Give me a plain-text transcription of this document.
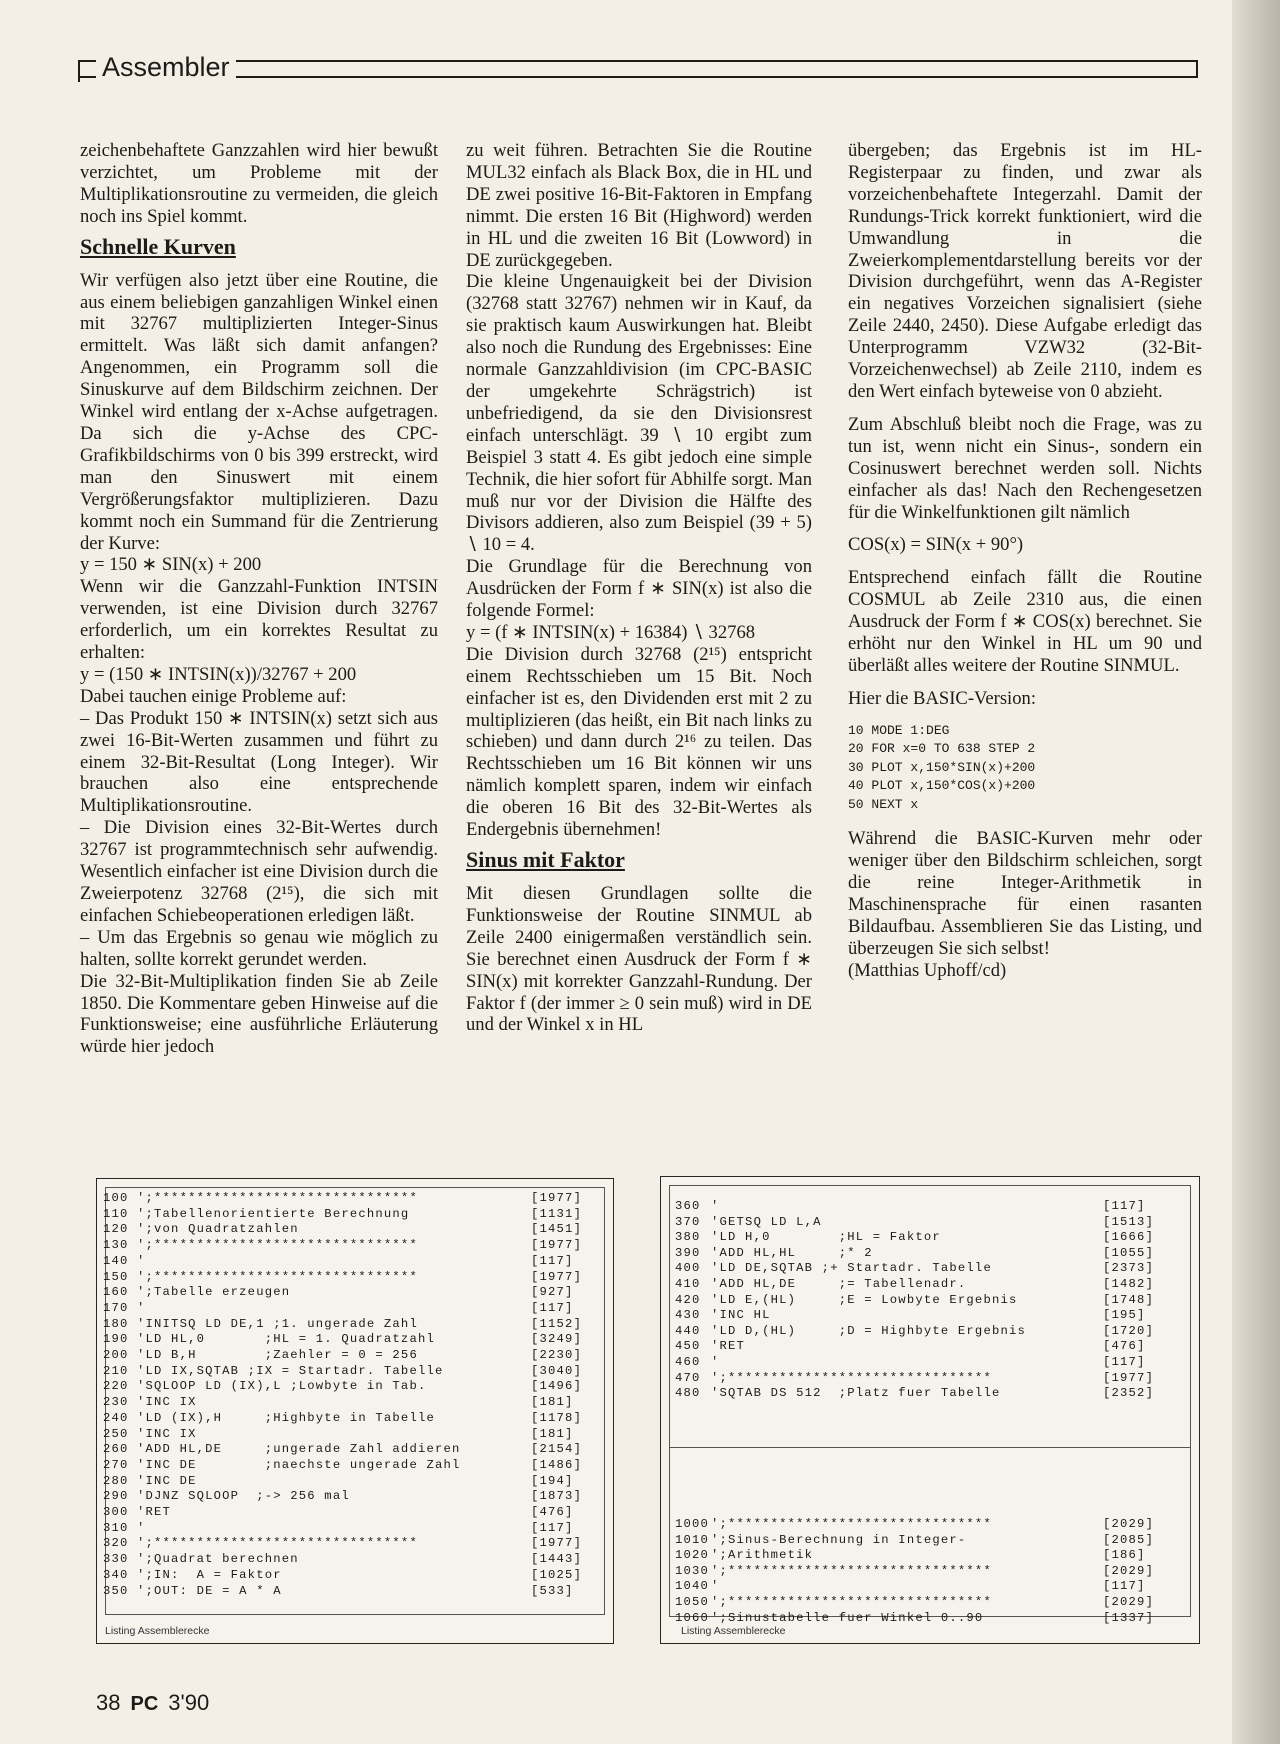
Assembler

zeichenbehaftete Ganzzahlen wird hier bewußt verzichtet, um Probleme mit der Multiplikationsroutine zu vermeiden, die gleich noch ins Spiel kommt.

Schnelle Kurven

Wir verfügen also jetzt über eine Routine, die aus einem beliebigen ganzahligen Winkel einen mit 32767 multiplizierten Integer-Sinus ermittelt. Was läßt sich damit anfangen? Angenommen, ein Programm soll die Sinuskurve auf dem Bildschirm zeichnen. Der Winkel wird entlang der x-Achse aufgetragen. Da sich die y-Achse des CPC-Grafikbildschirms von 0 bis 399 erstreckt, wird man den Sinuswert mit einem Vergrößerungsfaktor multiplizieren. Dazu kommt noch ein Summand für die Zentrierung der Kurve:

y = 150 ∗ SIN(x) + 200

Wenn wir die Ganzzahl-Funktion INTSIN verwenden, ist eine Division durch 32767 erforderlich, um ein korrektes Resultat zu erhalten:

y = (150 ∗ INTSIN(x))/32767 + 200

Dabei tauchen einige Probleme auf:

– Das Produkt 150 ∗ INTSIN(x) setzt sich aus zwei 16-Bit-Werten zusammen und führt zu einem 32-Bit-Resultat (Long Integer). Wir brauchen also eine entsprechende Multiplikationsroutine.

– Die Division eines 32-Bit-Wertes durch 32767 ist programmtechnisch sehr aufwendig. Wesentlich einfacher ist eine Division durch die Zweierpotenz 32768 (2¹⁵), die sich mit einfachen Schiebeoperationen erledigen läßt.

– Um das Ergebnis so genau wie möglich zu halten, sollte korrekt gerundet werden.

Die 32-Bit-Multiplikation finden Sie ab Zeile 1850. Die Kommentare geben Hinweise auf die Funktionsweise; eine ausführliche Erläuterung würde hier jedoch

zu weit führen. Betrachten Sie die Routine MUL32 einfach als Black Box, die in HL und DE zwei positive 16-Bit-Faktoren in Empfang nimmt. Die ersten 16 Bit (Highword) werden in HL und die zweiten 16 Bit (Lowword) in DE zurückgegeben.

Die kleine Ungenauigkeit bei der Division (32768 statt 32767) nehmen wir in Kauf, da sie praktisch kaum Auswirkungen hat. Bleibt also noch die Rundung des Ergebnisses: Eine normale Ganzzahldivision (im CPC-BASIC der umgekehrte Schrägstrich) ist unbefriedigend, da sie den Divisionsrest einfach unterschlägt. 39 ∖ 10 ergibt zum Beispiel 3 statt 4. Es gibt jedoch eine simple Technik, die hier sofort für Abhilfe sorgt. Man muß nur vor der Division die Hälfte des Divisors addieren, also zum Beispiel (39 + 5) ∖ 10 = 4.

Die Grundlage für die Berechnung von Ausdrücken der Form f ∗ SIN(x) ist also die folgende Formel:

y = (f ∗ INTSIN(x) + 16384) ∖ 32768

Die Division durch 32768 (2¹⁵) entspricht einem Rechtsschieben um 15 Bit. Noch einfacher ist es, den Dividenden erst mit 2 zu multiplizieren (das heißt, ein Bit nach links zu schieben) und dann durch 2¹⁶ zu teilen. Das Rechtsschieben um 16 Bit können wir uns nämlich komplett sparen, indem wir einfach die oberen 16 Bit des 32-Bit-Wertes als Endergebnis übernehmen!

Sinus mit Faktor

Mit diesen Grundlagen sollte die Funktionsweise der Routine SINMUL ab Zeile 2400 einigermaßen verständlich sein. Sie berechnet einen Ausdruck der Form f ∗ SIN(x) mit korrekter Ganzzahl-Rundung. Der Faktor f (der immer ≥ 0 sein muß) wird in DE und der Winkel x in HL

übergeben; das Ergebnis ist im HL-Registerpaar zu finden, und zwar als vorzeichenbehaftete Integerzahl. Damit der Rundungs-Trick korrekt funktioniert, wird die Umwandlung in die Zweierkomplementdarstellung bereits vor der Division durchgeführt, wenn das A-Register ein negatives Vorzeichen signalisiert (siehe Zeile 2440, 2450). Diese Aufgabe erledigt das Unterprogramm VZW32 (32-Bit-Vorzeichenwechsel) ab Zeile 2110, indem es den Wert einfach byteweise von 0 abzieht.

Zum Abschluß bleibt noch die Frage, was zu tun ist, wenn nicht ein Sinus-, sondern ein Cosinuswert berechnet werden soll. Nichts einfacher als das! Nach den Rechengesetzen für die Winkelfunktionen gilt nämlich

COS(x) = SIN(x + 90°)

Entsprechend einfach fällt die Routine COSMUL ab Zeile 2310 aus, die einen Ausdruck der Form f ∗ COS(x) berechnet. Sie erhöht nur den Winkel in HL um 90 und überläßt alles weitere der Routine SINMUL.

Hier die BASIC-Version:

10 MODE 1:DEG
20 FOR x=0 TO 638 STEP 2
30 PLOT x,150*SIN(x)+200
40 PLOT x,150*COS(x)+200
50 NEXT x

Während die BASIC-Kurven mehr oder weniger über den Bildschirm schleichen, sorgt die reine Integer-Arithmetik in Maschinensprache für einen rasanten Bildaufbau. Assemblieren Sie das Listing, und überzeugen Sie sich selbst!

(Matthias Uphoff/cd)

100 ';*******************************	[1977]
110 ';Tabellenorientierte Berechnung	[1131]
120 ';von Quadratzahlen	[1451]
130 ';*******************************	[1977]
140 '	[117]
150 ';*******************************	[1977]
160 ';Tabelle erzeugen	[927]
170 '	[117]
180 'INITSQ LD DE,1 ;1. ungerade Zahl	[1152]
190 'LD HL,0       ;HL = 1. Quadratzahl	[3249]
200 'LD B,H        ;Zaehler = 0 = 256	[2230]
210 'LD IX,SQTAB ;IX = Startadr. Tabelle	[3040]
220 'SQLOOP LD (IX),L ;Lowbyte in Tab.	[1496]
230 'INC IX	[181]
240 'LD (IX),H     ;Highbyte in Tabelle	[1178]
250 'INC IX	[181]
260 'ADD HL,DE     ;ungerade Zahl addieren	[2154]
270 'INC DE        ;naechste ungerade Zahl	[1486]
280 'INC DE	[194]
290 'DJNZ SQLOOP  ;-> 256 mal	[1873]
300 'RET	[476]
310 '	[117]
320 ';*******************************	[1977]
330 ';Quadrat berechnen	[1443]
340 ';IN:  A = Faktor	[1025]
350 ';OUT: DE = A * A	[533]
Listing Assemblerecke
360 '	[117]
370 'GETSQ LD L,A	[1513]
380 'LD H,0        ;HL = Faktor	[1666]
390 'ADD HL,HL     ;* 2	[1055]
400 'LD DE,SQTAB ;+ Startadr. Tabelle	[2373]
410 'ADD HL,DE     ;= Tabellenadr.	[1482]
420 'LD E,(HL)     ;E = Lowbyte Ergebnis	[1748]
430 'INC HL	[195]
440 'LD D,(HL)     ;D = Highbyte Ergebnis	[1720]
450 'RET	[476]
460 '	[117]
470 ';*******************************	[1977]
480 'SQTAB DS 512  ;Platz fuer Tabelle	[2352]
1000 ';*******************************	[2029]
1010 ';Sinus-Berechnung in Integer-	[2085]
1020 ';Arithmetik	[186]
1030 ';*******************************	[2029]
1040 '	[117]
1050 ';*******************************	[2029]
1060 ';Sinustabelle fuer Winkel 0..90	[1337]
Listing Assemblerecke
38 PC 3'90
